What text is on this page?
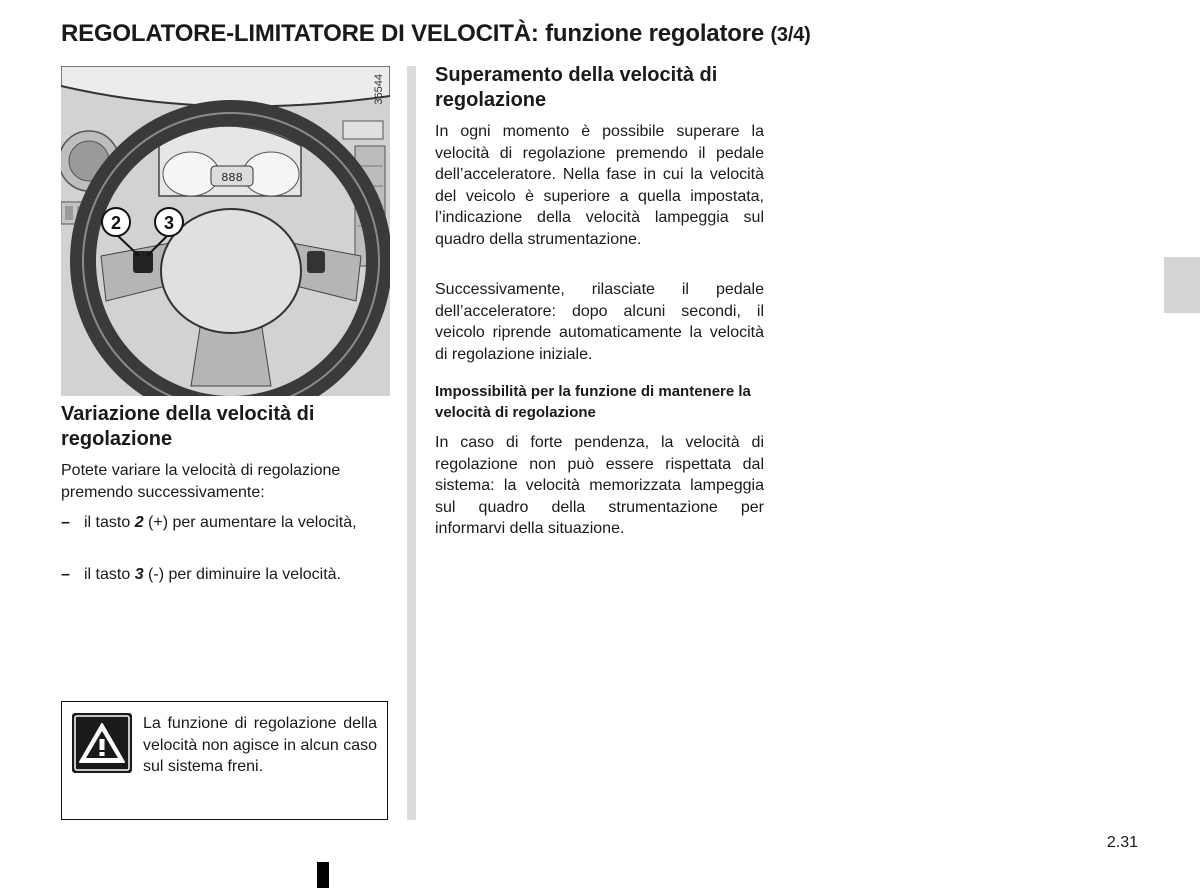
REGOLATORE-LIMITATORE DI VELOCITÀ: funzione regolatore (3/4)
888
2 3
36544
Variazione della velocità di regolazione
Potete variare la velocità di regolazione premendo successivamente:
– il tasto 2 (+) per aumentare la velocità,
– il tasto 3 (-) per diminuire la velocità.
La funzione di regolazione della velocità non agisce in alcun caso sul sistema freni.
Superamento della velocità di regolazione
In ogni momento è possibile superare la velocità di regolazione premendo il pedale dell’acceleratore. Nella fase in cui la velocità del veicolo è superiore a quella impostata, l’indicazione della velocità lampeggia sul quadro della strumentazione.
Successivamente, rilasciate il pedale dell’acceleratore: dopo alcuni secondi, il veicolo riprende automaticamente la velocità di regolazione iniziale.
Impossibilità per la funzione di mantenere la velocità di regolazione
In caso di forte pendenza, la velocità di regolazione non può essere rispettata dal sistema: la velocità memorizzata lampeggia sul quadro della strumentazione per informarvi della situazione.
2.31
